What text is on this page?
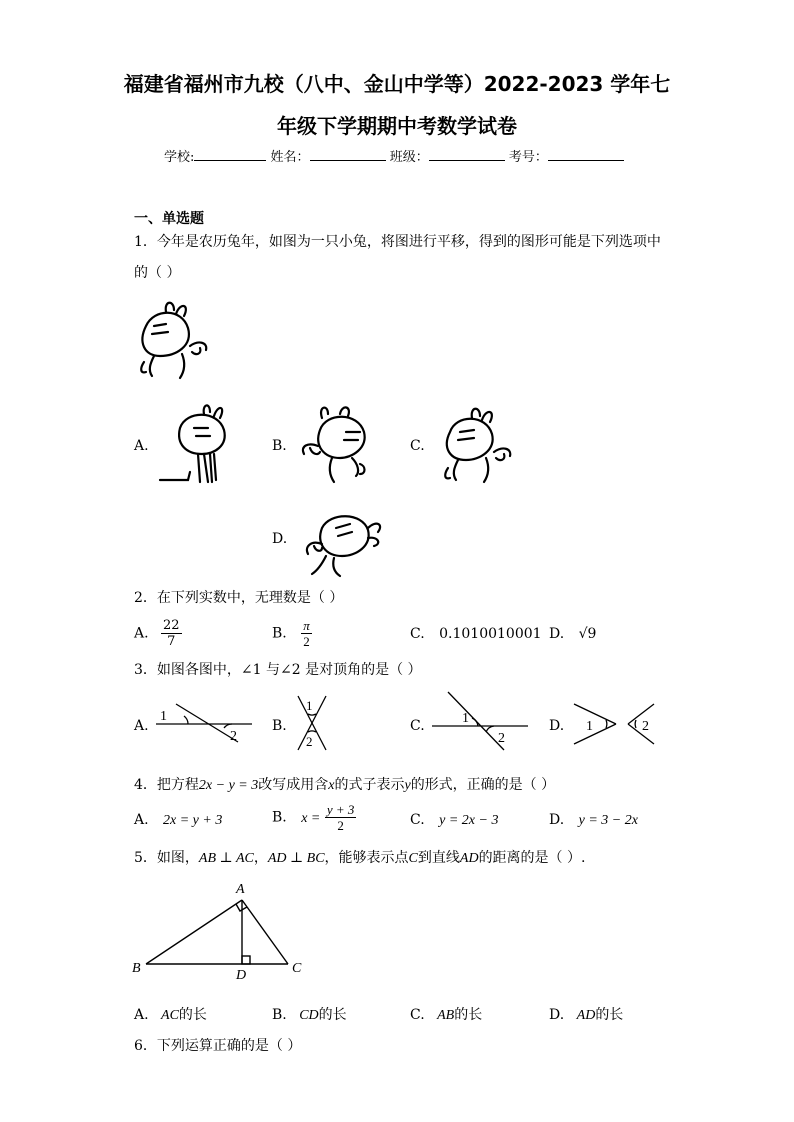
福建省福州市九校（八中、金山中学等）2022-2023 学年七
年级下学期期中考数学试卷
学校:	姓名：	班级：	考号：
一、单选题
1．今年是农历兔年，如图为一只小兔，将图进行平移，得到的图形可能是下列选项中
的（ ）
A.	B.	C.
D.
2．在下列实数中，无理数是（ ）
A. $\frac{22}{7}$	B. $\frac{\pi}{2}$	C. 0.1010010001 D. √9
3．如图各图中，∠1 与∠2 是对顶角的是（ ）
A.
1
2
B.
1
2
C.	1
2
D. 1	2
4．把方程2x − y = 3改写成用含x的式子表示y的形式，正确的是（ ）
A. 2x = y + 3	B. $x = \frac{y + 3}{2}$	C. y = 2x − 3	D. y = 3 − 2x
5．如图，AB ⊥ AC，AD ⊥ BC，能够表示点C到直线AD的距离的是（ ）.
A
B	C
D
A. AC的长	B. CD的长	C. AB的长	D. AD的长
6．下列运算正确的是（ ）
